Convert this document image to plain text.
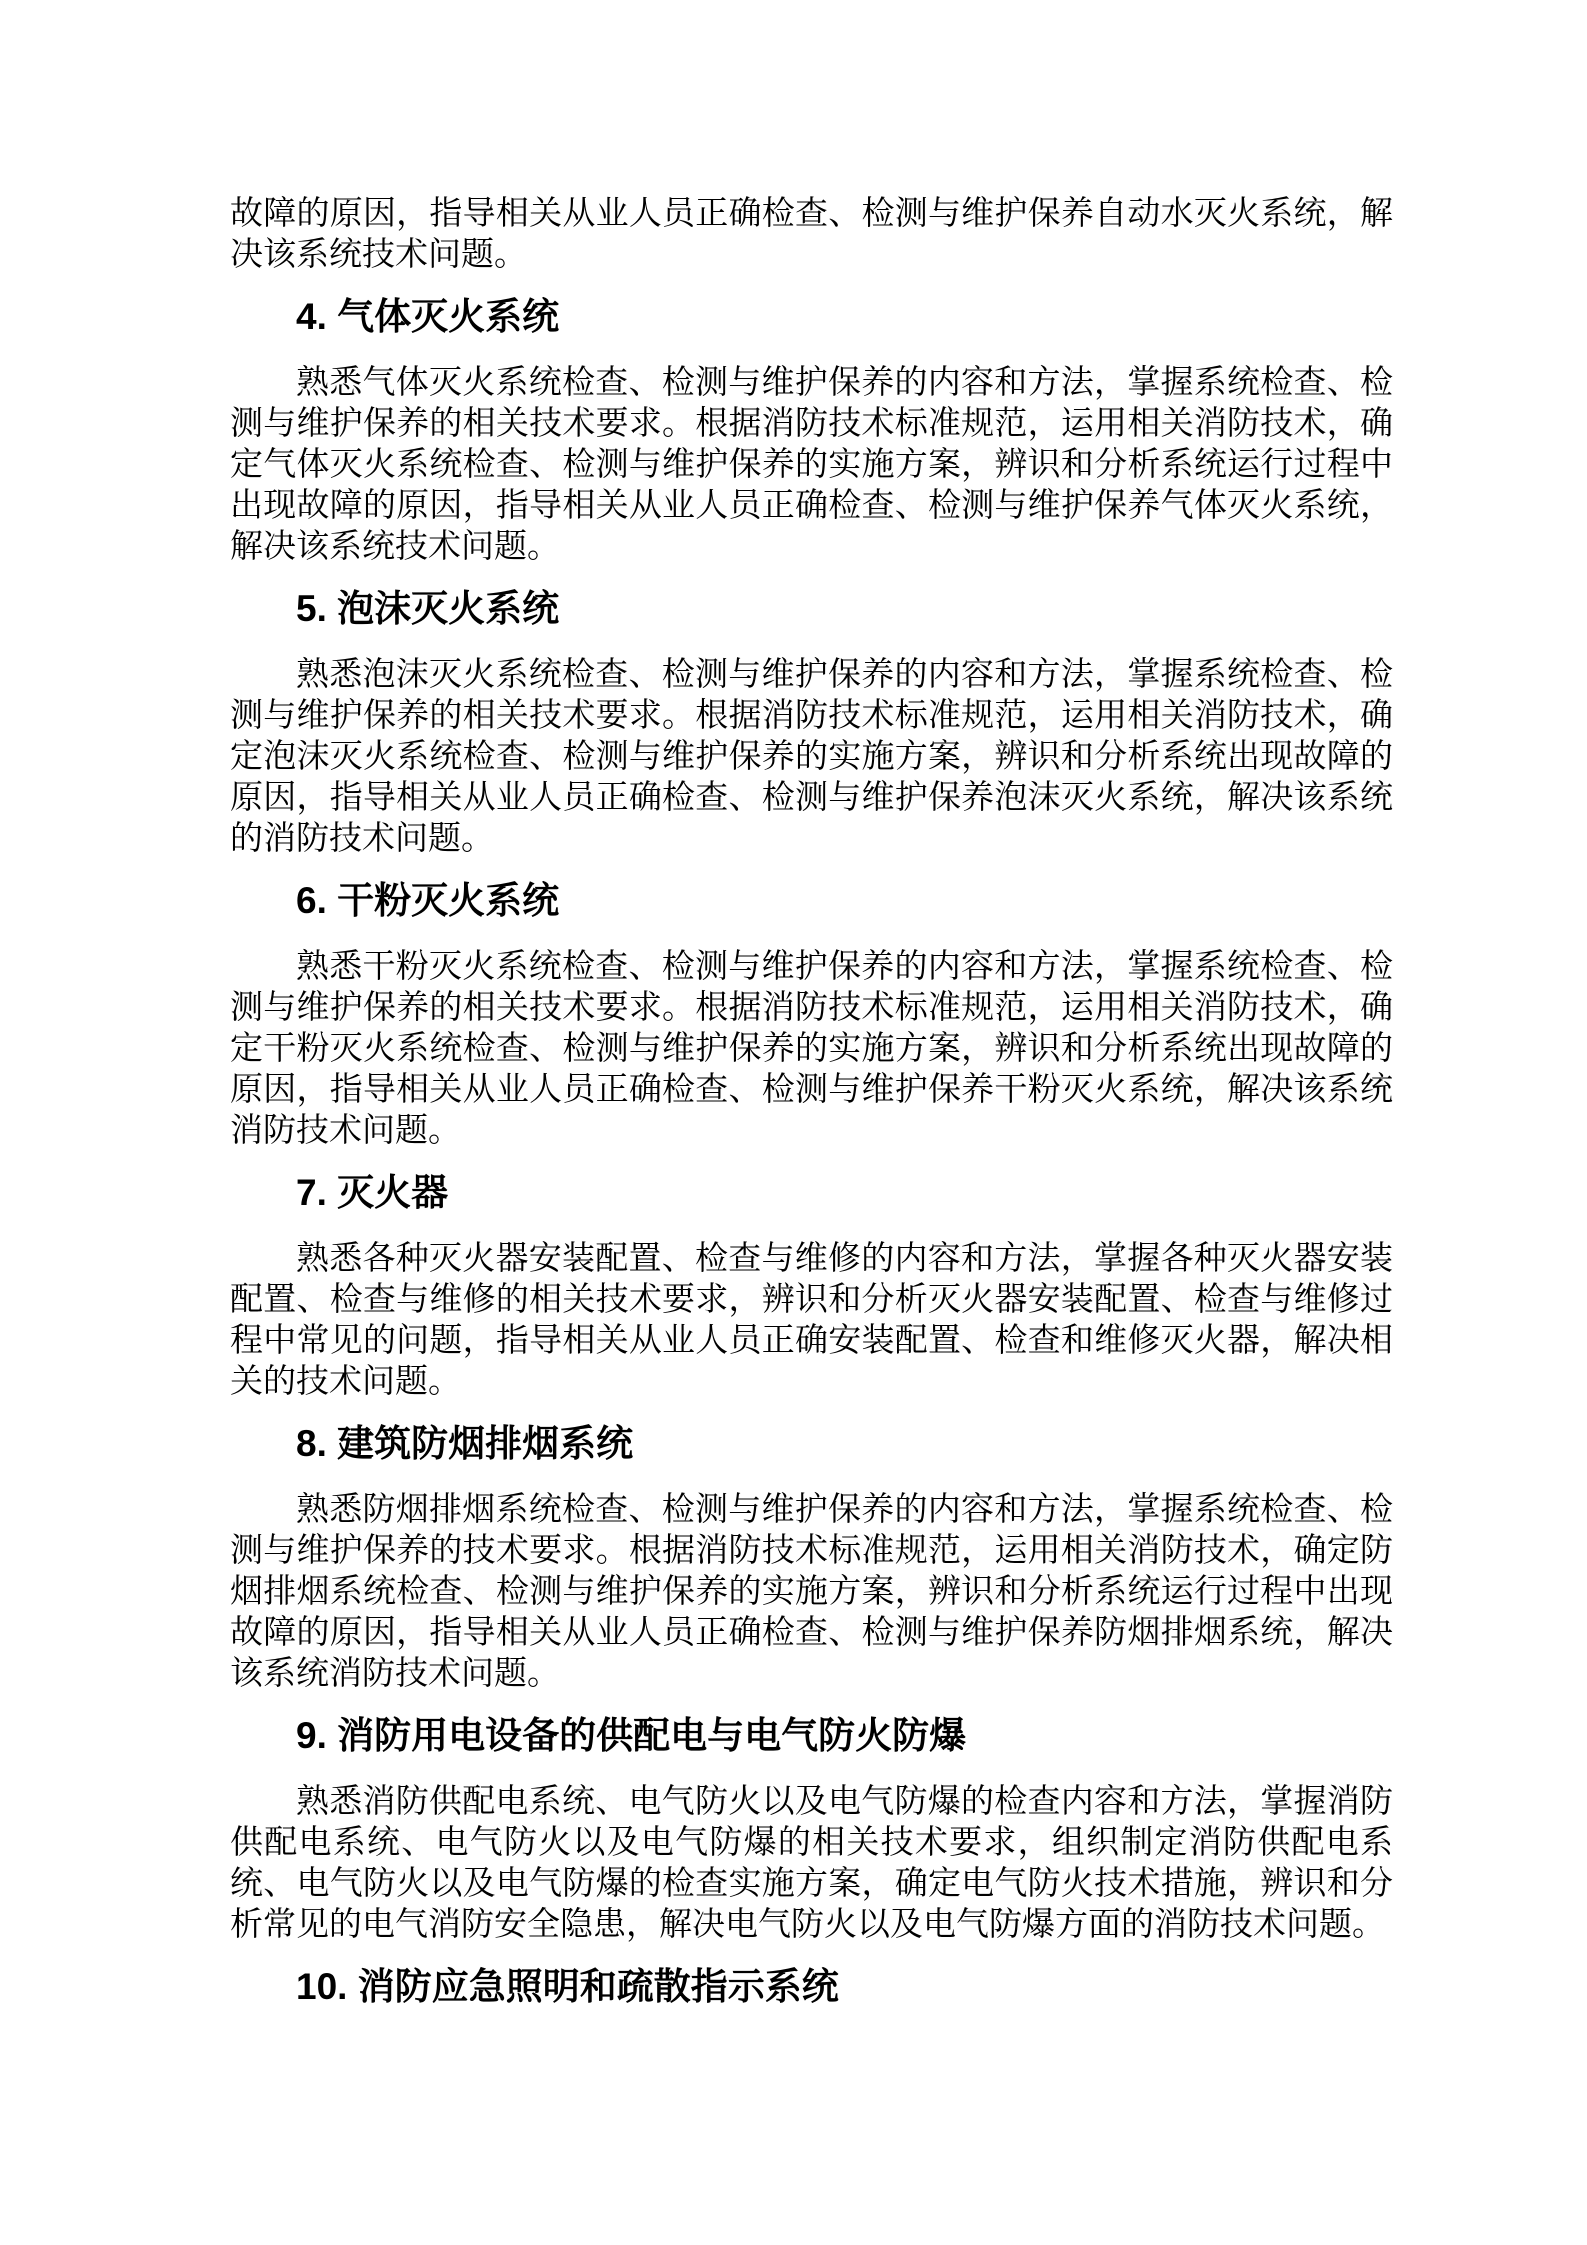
故障的原因，指导相关从业人员正确检查、检测与维护保养自动水灭火系统，解决该系统技术问题。

4. 气体灭火系统

熟悉气体灭火系统检查、检测与维护保养的内容和方法，掌握系统检查、检测与维护保养的相关技术要求。根据消防技术标准规范，运用相关消防技术，确定气体灭火系统检查、检测与维护保养的实施方案，辨识和分析系统运行过程中出现故障的原因，指导相关从业人员正确检查、检测与维护保养气体灭火系统，解决该系统技术问题。

5. 泡沫灭火系统

熟悉泡沫灭火系统检查、检测与维护保养的内容和方法，掌握系统检查、检测与维护保养的相关技术要求。根据消防技术标准规范，运用相关消防技术，确定泡沫灭火系统检查、检测与维护保养的实施方案，辨识和分析系统出现故障的原因，指导相关从业人员正确检查、检测与维护保养泡沫灭火系统，解决该系统的消防技术问题。

6. 干粉灭火系统

熟悉干粉灭火系统检查、检测与维护保养的内容和方法，掌握系统检查、检测与维护保养的相关技术要求。根据消防技术标准规范，运用相关消防技术，确定干粉灭火系统检查、检测与维护保养的实施方案，辨识和分析系统出现故障的原因，指导相关从业人员正确检查、检测与维护保养干粉灭火系统，解决该系统消防技术问题。

7. 灭火器

熟悉各种灭火器安装配置、检查与维修的内容和方法，掌握各种灭火器安装配置、检查与维修的相关技术要求，辨识和分析灭火器安装配置、检查与维修过程中常见的问题，指导相关从业人员正确安装配置、检查和维修灭火器，解决相关的技术问题。

8. 建筑防烟排烟系统

熟悉防烟排烟系统检查、检测与维护保养的内容和方法，掌握系统检查、检测与维护保养的技术要求。根据消防技术标准规范，运用相关消防技术，确定防烟排烟系统检查、检测与维护保养的实施方案，辨识和分析系统运行过程中出现故障的原因，指导相关从业人员正确检查、检测与维护保养防烟排烟系统，解决该系统消防技术问题。

9. 消防用电设备的供配电与电气防火防爆

熟悉消防供配电系统、电气防火以及电气防爆的检查内容和方法，掌握消防供配电系统、电气防火以及电气防爆的相关技术要求，组织制定消防供配电系统、电气防火以及电气防爆的检查实施方案，确定电气防火技术措施，辨识和分析常见的电气消防安全隐患，解决电气防火以及电气防爆方面的消防技术问题。

10. 消防应急照明和疏散指示系统
